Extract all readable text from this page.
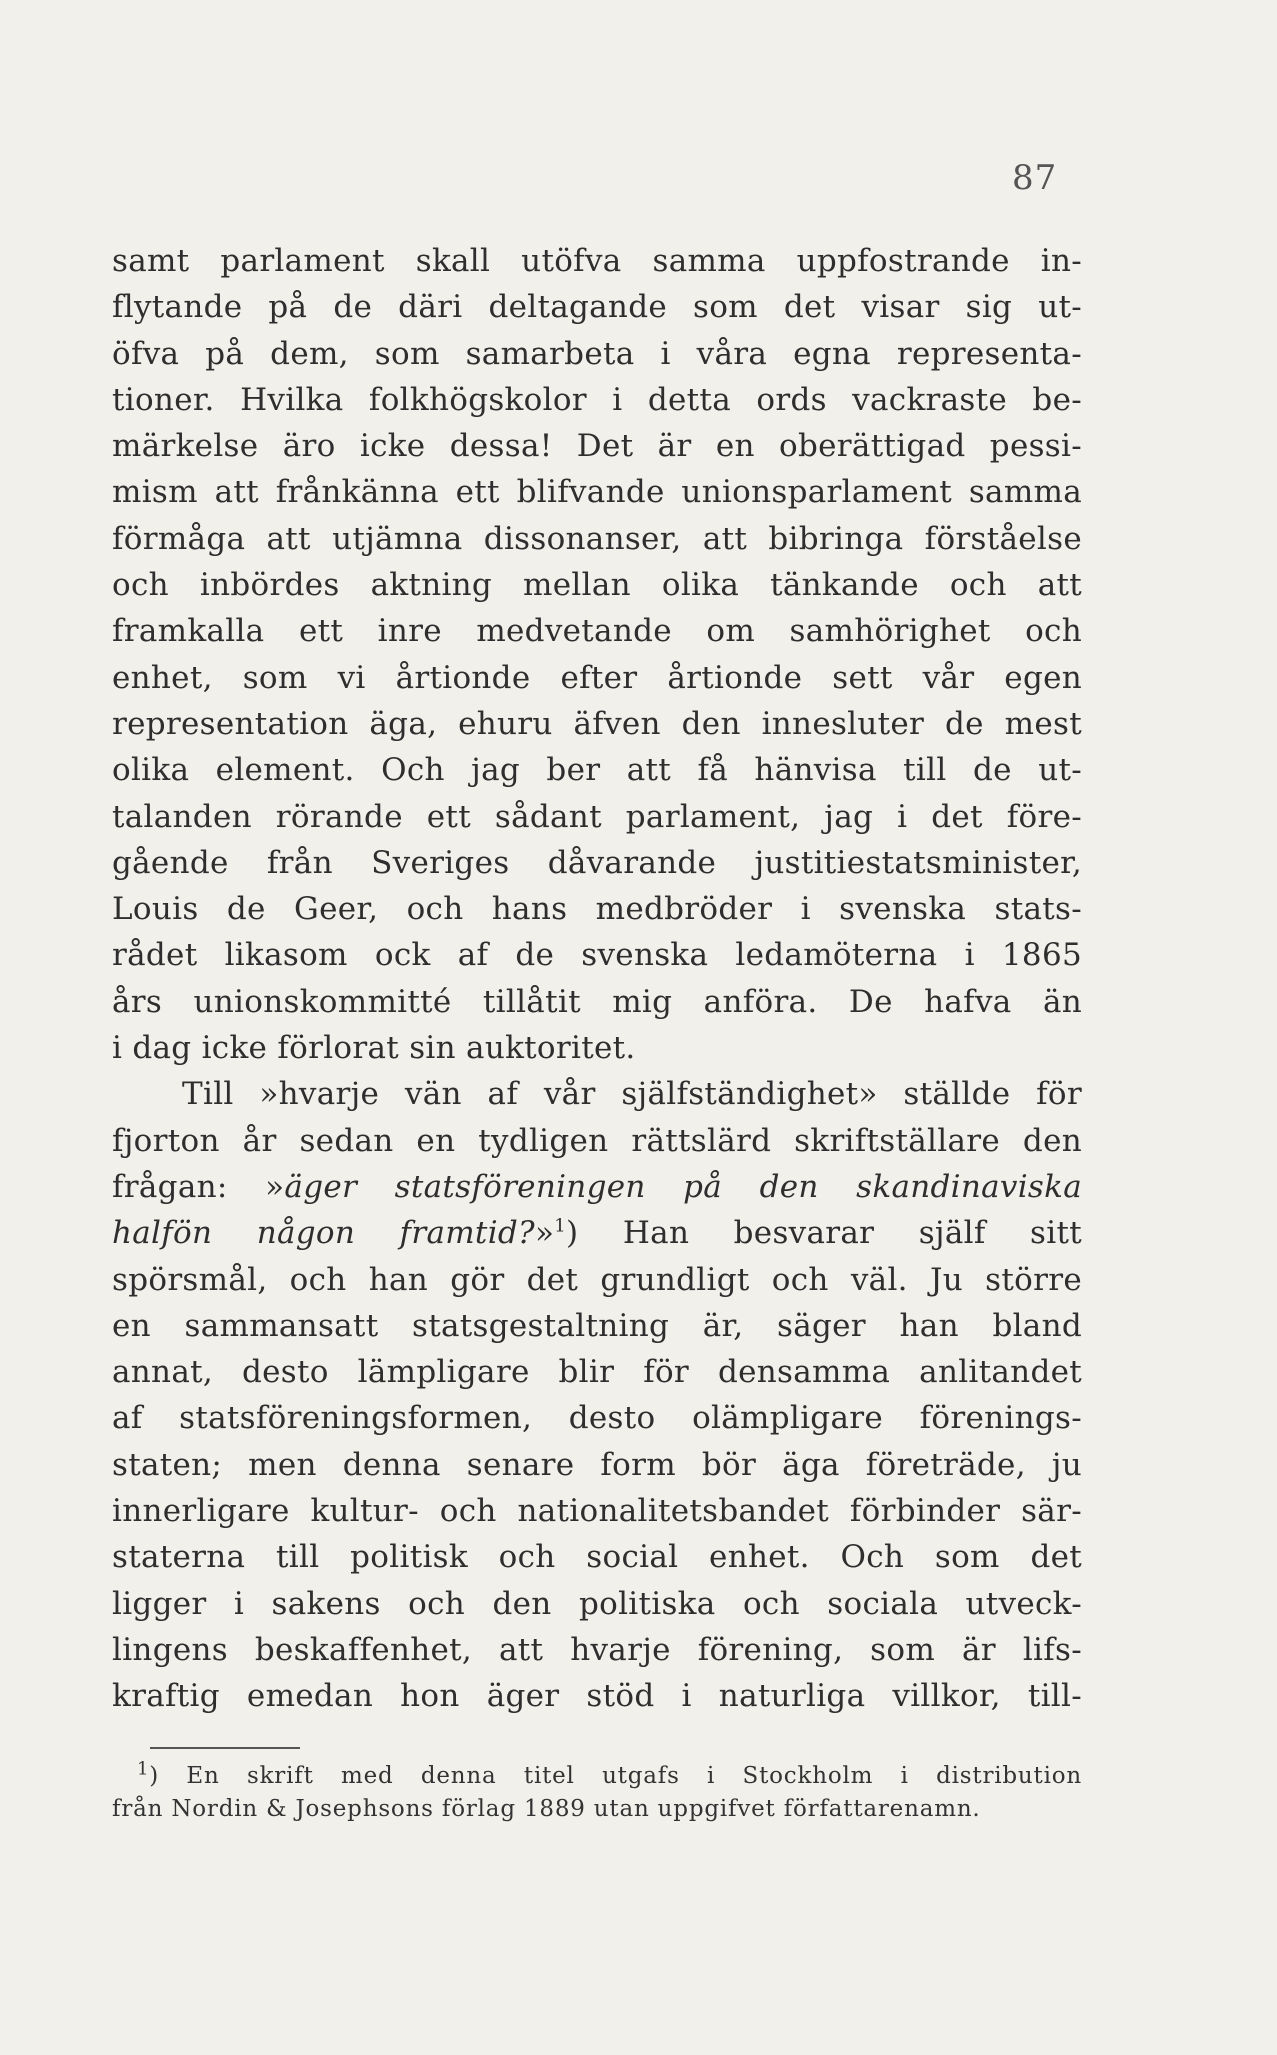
87
samt parlament skall utöfva samma uppfostrande in-
flytande på de däri deltagande som det visar sig ut-
öfva på dem, som samarbeta i våra egna representa-
tioner. Hvilka folkhögskolor i detta ords vackraste be-
märkelse äro icke dessa! Det är en oberättigad pessi-
mism att frånkänna ett blifvande unionsparlament samma
förmåga att utjämna dissonanser, att bibringa förståelse
och inbördes aktning mellan olika tänkande och att
framkalla ett inre medvetande om samhörighet och
enhet, som vi årtionde efter årtionde sett vår egen
representation äga, ehuru äfven den innesluter de mest
olika element. Och jag ber att få hänvisa till de ut-
talanden rörande ett sådant parlament, jag i det före-
gående från Sveriges dåvarande justitiestatsminister,
Louis de Geer, och hans medbröder i svenska stats-
rådet likasom ock af de svenska ledamöterna i 1865
års unionskommitté tillåtit mig anföra. De hafva än
i dag icke förlorat sin auktoritet.
Till »hvarje vän af vår själfständighet» ställde för
fjorton år sedan en tydligen rättslärd skriftställare den
frågan: »äger statsföreningen på den skandinaviska
halfön någon framtid?»$^1$) Han besvarar själf sitt
spörsmål, och han gör det grundligt och väl. Ju större
en sammansatt statsgestaltning är, säger han bland
annat, desto lämpligare blir för densamma anlitandet
af statsföreningsformen, desto olämpligare förenings-
staten; men denna senare form bör äga företräde, ju
innerligare kultur- och nationalitetsbandet förbinder sär-
staterna till politisk och social enhet. Och som det
ligger i sakens och den politiska och sociala utveck-
lingens beskaffenhet, att hvarje förening, som är lifs-
kraftig emedan hon äger stöd i naturliga villkor, till-
$^1$) En skrift med denna titel utgafs i Stockholm i distribution
från Nordin & Josephsons förlag 1889 utan uppgifvet författarenamn.
